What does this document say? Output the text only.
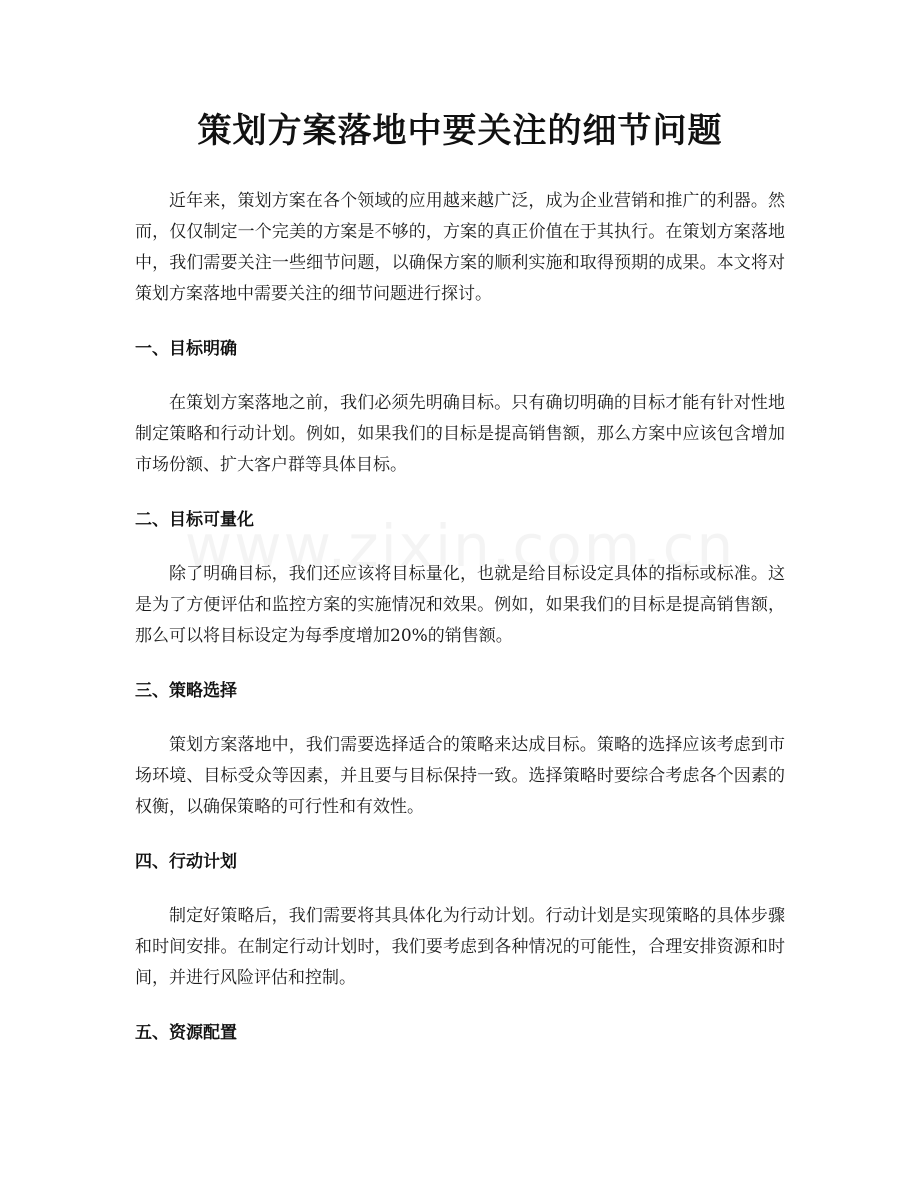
策划方案落地中要关注的细节问题

近年来，策划方案在各个领域的应用越来越广泛，成为企业营销和推广的利器。然而，仅仅制定一个完美的方案是不够的，方案的真正价值在于其执行。在策划方案落地中，我们需要关注一些细节问题，以确保方案的顺利实施和取得预期的成果。本文将对策划方案落地中需要关注的细节问题进行探讨。

一、目标明确

在策划方案落地之前，我们必须先明确目标。只有确切明确的目标才能有针对性地制定策略和行动计划。例如，如果我们的目标是提高销售额，那么方案中应该包含增加市场份额、扩大客户群等具体目标。

二、目标可量化

除了明确目标，我们还应该将目标量化，也就是给目标设定具体的指标或标准。这是为了方便评估和监控方案的实施情况和效果。例如，如果我们的目标是提高销售额，那么可以将目标设定为每季度增加20%的销售额。

三、策略选择

策划方案落地中，我们需要选择适合的策略来达成目标。策略的选择应该考虑到市场环境、目标受众等因素，并且要与目标保持一致。选择策略时要综合考虑各个因素的权衡，以确保策略的可行性和有效性。

四、行动计划

制定好策略后，我们需要将其具体化为行动计划。行动计划是实现策略的具体步骤和时间安排。在制定行动计划时，我们要考虑到各种情况的可能性，合理安排资源和时间，并进行风险评估和控制。

五、资源配置
